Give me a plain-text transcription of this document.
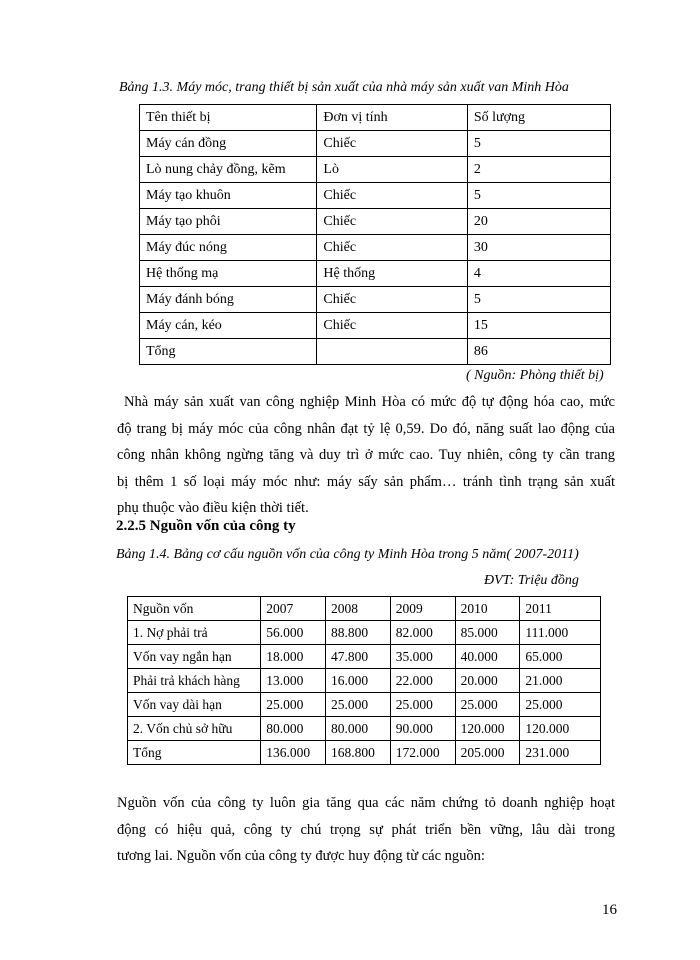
Bảng 1.3. Máy móc, trang thiết bị sản xuất của nhà máy sản xuất van Minh Hòa
Tên thiết bị	Đơn vị tính	Số lượng
Máy cán đồng	Chiếc	5
Lò nung chảy đồng, kẽm	Lò	2
Máy tạo khuôn	Chiếc	5
Máy tạo phôi	Chiếc	20
Máy đúc nóng	Chiếc	30
Hệ thống mạ	Hệ thống	4
Máy đánh bóng	Chiếc	5
Máy cán, kéo	Chiếc	15
Tổng		86
( Nguồn: Phòng thiết bị)
Nhà máy sản xuất van công nghiệp Minh Hòa có mức độ tự động hóa cao, mức
độ trang bị máy móc của công nhân đạt tỷ lệ 0,59. Do đó, năng suất lao động của
công nhân không ngừng tăng và duy trì ở mức cao. Tuy nhiên, công ty cần trang
bị thêm 1 số loại máy móc như: máy sấy sản phẩm… tránh tình trạng sản xuất
phụ thuộc vào điều kiện thời tiết.
2.2.5 Nguồn vốn của công ty
Bảng 1.4. Bảng cơ cấu nguồn vốn của công ty Minh Hòa trong 5 năm( 2007-2011)
ĐVT: Triệu đồng
Nguồn vốn	2007	2008	2009	2010	2011
1. Nợ phải trả	56.000	88.800	82.000	85.000	111.000
Vốn vay ngắn hạn	18.000	47.800	35.000	40.000	65.000
Phải trả khách hàng	13.000	16.000	22.000	20.000	21.000
Vốn vay dài hạn	25.000	25.000	25.000	25.000	25.000
2. Vốn chủ sở hữu	80.000	80.000	90.000	120.000	120.000
Tổng	136.000	168.800	172.000	205.000	231.000
Nguồn vốn của công ty luôn gia tăng qua các năm chứng tỏ doanh nghiệp hoạt
động có hiệu quả, công ty chú trọng sự phát triển bền vững, lâu dài trong
tương lai. Nguồn vốn của công ty được huy động từ các nguồn:
16
